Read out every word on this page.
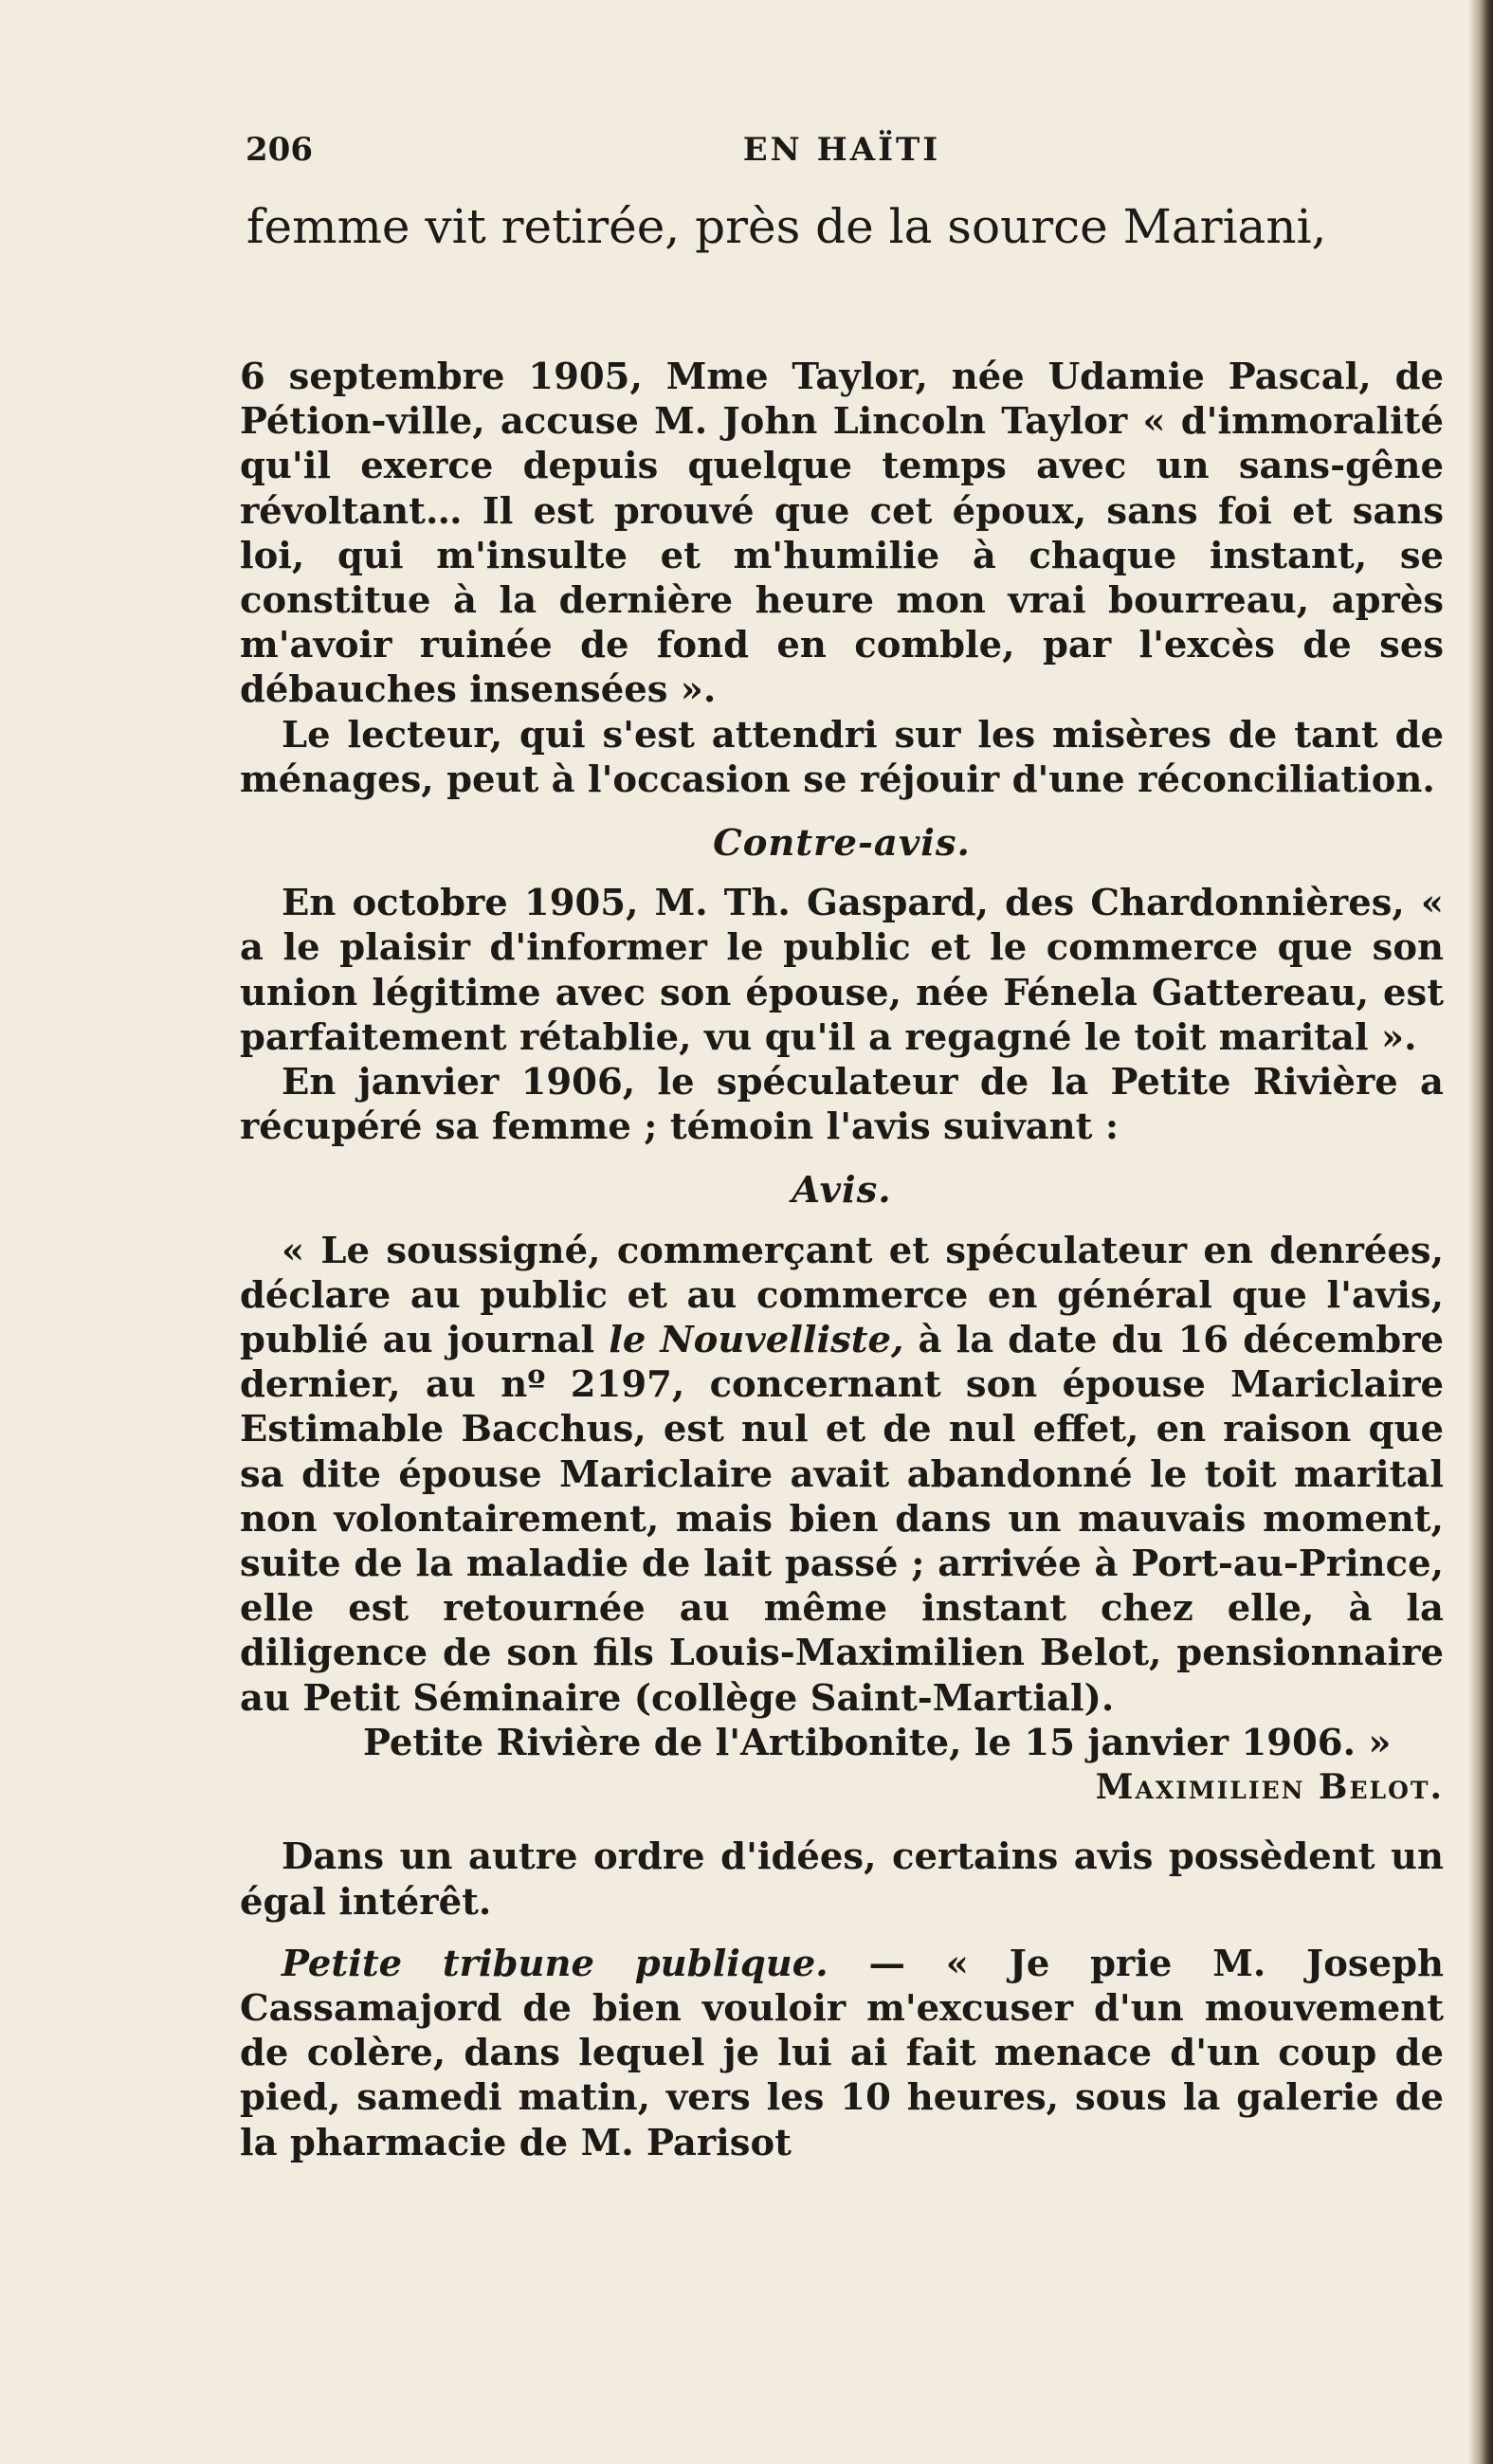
206	EN HAÏTI
femme vit retirée, près de la source Mariani,

6 septembre 1905, Mme Taylor, née Udamie Pascal, de Pétion-ville, accuse M. John Lincoln Taylor « d'immoralité qu'il exerce depuis quelque temps avec un sans-gêne révoltant… Il est prouvé que cet époux, sans foi et sans loi, qui m'insulte et m'humilie à chaque instant, se constitue à la dernière heure mon vrai bourreau, après m'avoir ruinée de fond en comble, par l'excès de ses débauches insensées ».

Le lecteur, qui s'est attendri sur les misères de tant de ménages, peut à l'occasion se réjouir d'une réconciliation.

Contre-avis.

En octobre 1905, M. Th. Gaspard, des Chardonnières, « a le plaisir d'informer le public et le commerce que son union légitime avec son épouse, née Fénela Gattereau, est parfaitement rétablie, vu qu'il a regagné le toit marital ».

En janvier 1906, le spéculateur de la Petite Rivière a récupéré sa femme ; témoin l'avis suivant :

Avis.

« Le soussigné, commerçant et spéculateur en denrées, déclare au public et au commerce en général que l'avis, publié au journal le Nouvelliste, à la date du 16 décembre dernier, au nº 2197, concernant son épouse Mariclaire Estimable Bacchus, est nul et de nul effet, en raison que sa dite épouse Mariclaire avait abandonné le toit marital non volontairement, mais bien dans un mauvais moment, suite de la maladie de lait passé ; arrivée à Port-au-Prince, elle est retournée au même instant chez elle, à la diligence de son fils Louis-Maximilien Belot, pensionnaire au Petit Séminaire (collège Saint-Martial).

Petite Rivière de l'Artibonite, le 15 janvier 1906. »

Maximilien Belot.

Dans un autre ordre d'idées, certains avis possèdent un égal intérêt.

Petite tribune publique. — « Je prie M. Joseph Cassamajord de bien vouloir m'excuser d'un mouvement de colère, dans lequel je lui ai fait menace d'un coup de pied, samedi matin, vers les 10 heures, sous la galerie de la pharmacie de M. Parisot
